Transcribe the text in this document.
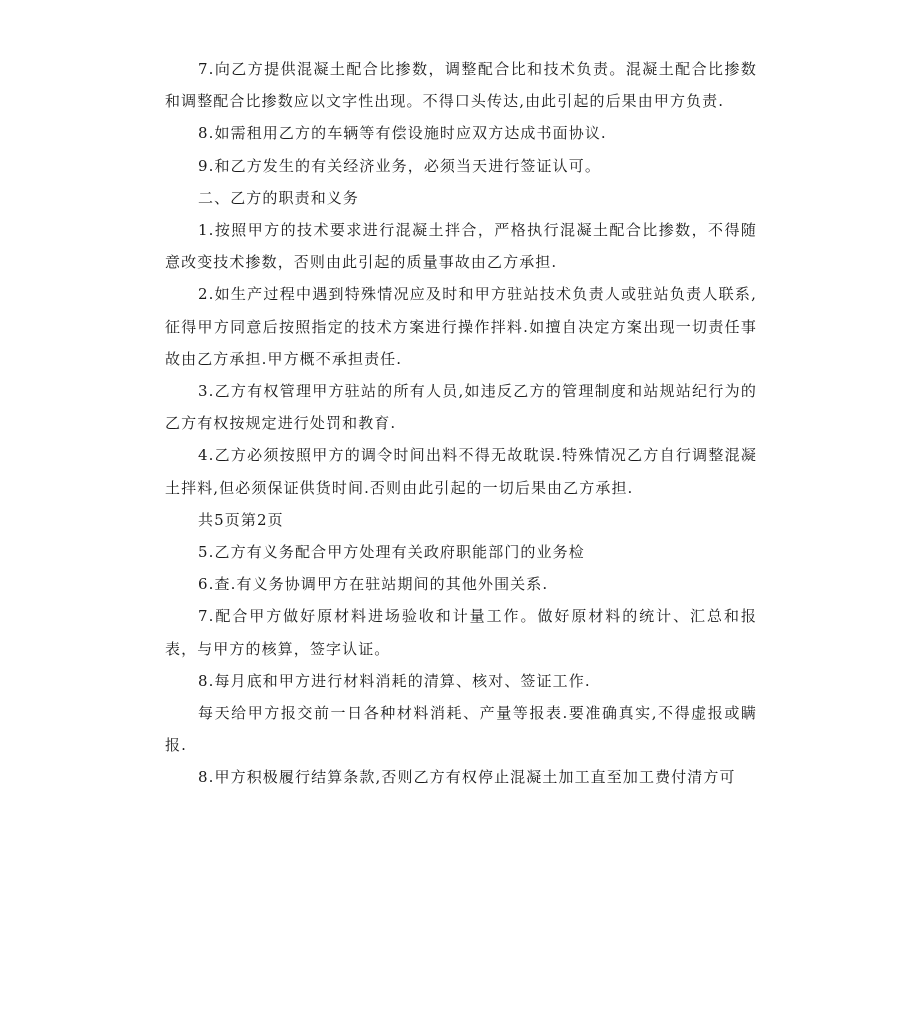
7.向乙方提供混凝土配合比掺数，调整配合比和技术负责。混凝土配合比掺数和调整配合比掺数应以文字性出现。不得口头传达,由此引起的后果由甲方负责.

8.如需租用乙方的车辆等有偿设施时应双方达成书面协议.

9.和乙方发生的有关经济业务，必须当天进行签证认可。

二、乙方的职责和义务

1.按照甲方的技术要求进行混凝土拌合，严格执行混凝土配合比掺数，不得随意改变技术掺数，否则由此引起的质量事故由乙方承担.

2.如生产过程中遇到特殊情况应及时和甲方驻站技术负责人或驻站负责人联系,征得甲方同意后按照指定的技术方案进行操作拌料.如擅自决定方案出现一切责任事故由乙方承担.甲方概不承担责任.

3.乙方有权管理甲方驻站的所有人员,如违反乙方的管理制度和站规站纪行为的乙方有权按规定进行处罚和教育.

4.乙方必须按照甲方的调令时间出料不得无故耽误.特殊情况乙方自行调整混凝土拌料,但必须保证供货时间.否则由此引起的一切后果由乙方承担.

共5页第2页

5.乙方有义务配合甲方处理有关政府职能部门的业务检

6.查.有义务协调甲方在驻站期间的其他外围关系.

7.配合甲方做好原材料进场验收和计量工作。做好原材料的统计、汇总和报表，与甲方的核算，签字认证。

8.每月底和甲方进行材料消耗的清算、核对、签证工作.

每天给甲方报交前一日各种材料消耗、产量等报表.要准确真实,不得虚报或瞒报.

8.甲方积极履行结算条款,否则乙方有权停止混凝土加工直至加工费付清方可
